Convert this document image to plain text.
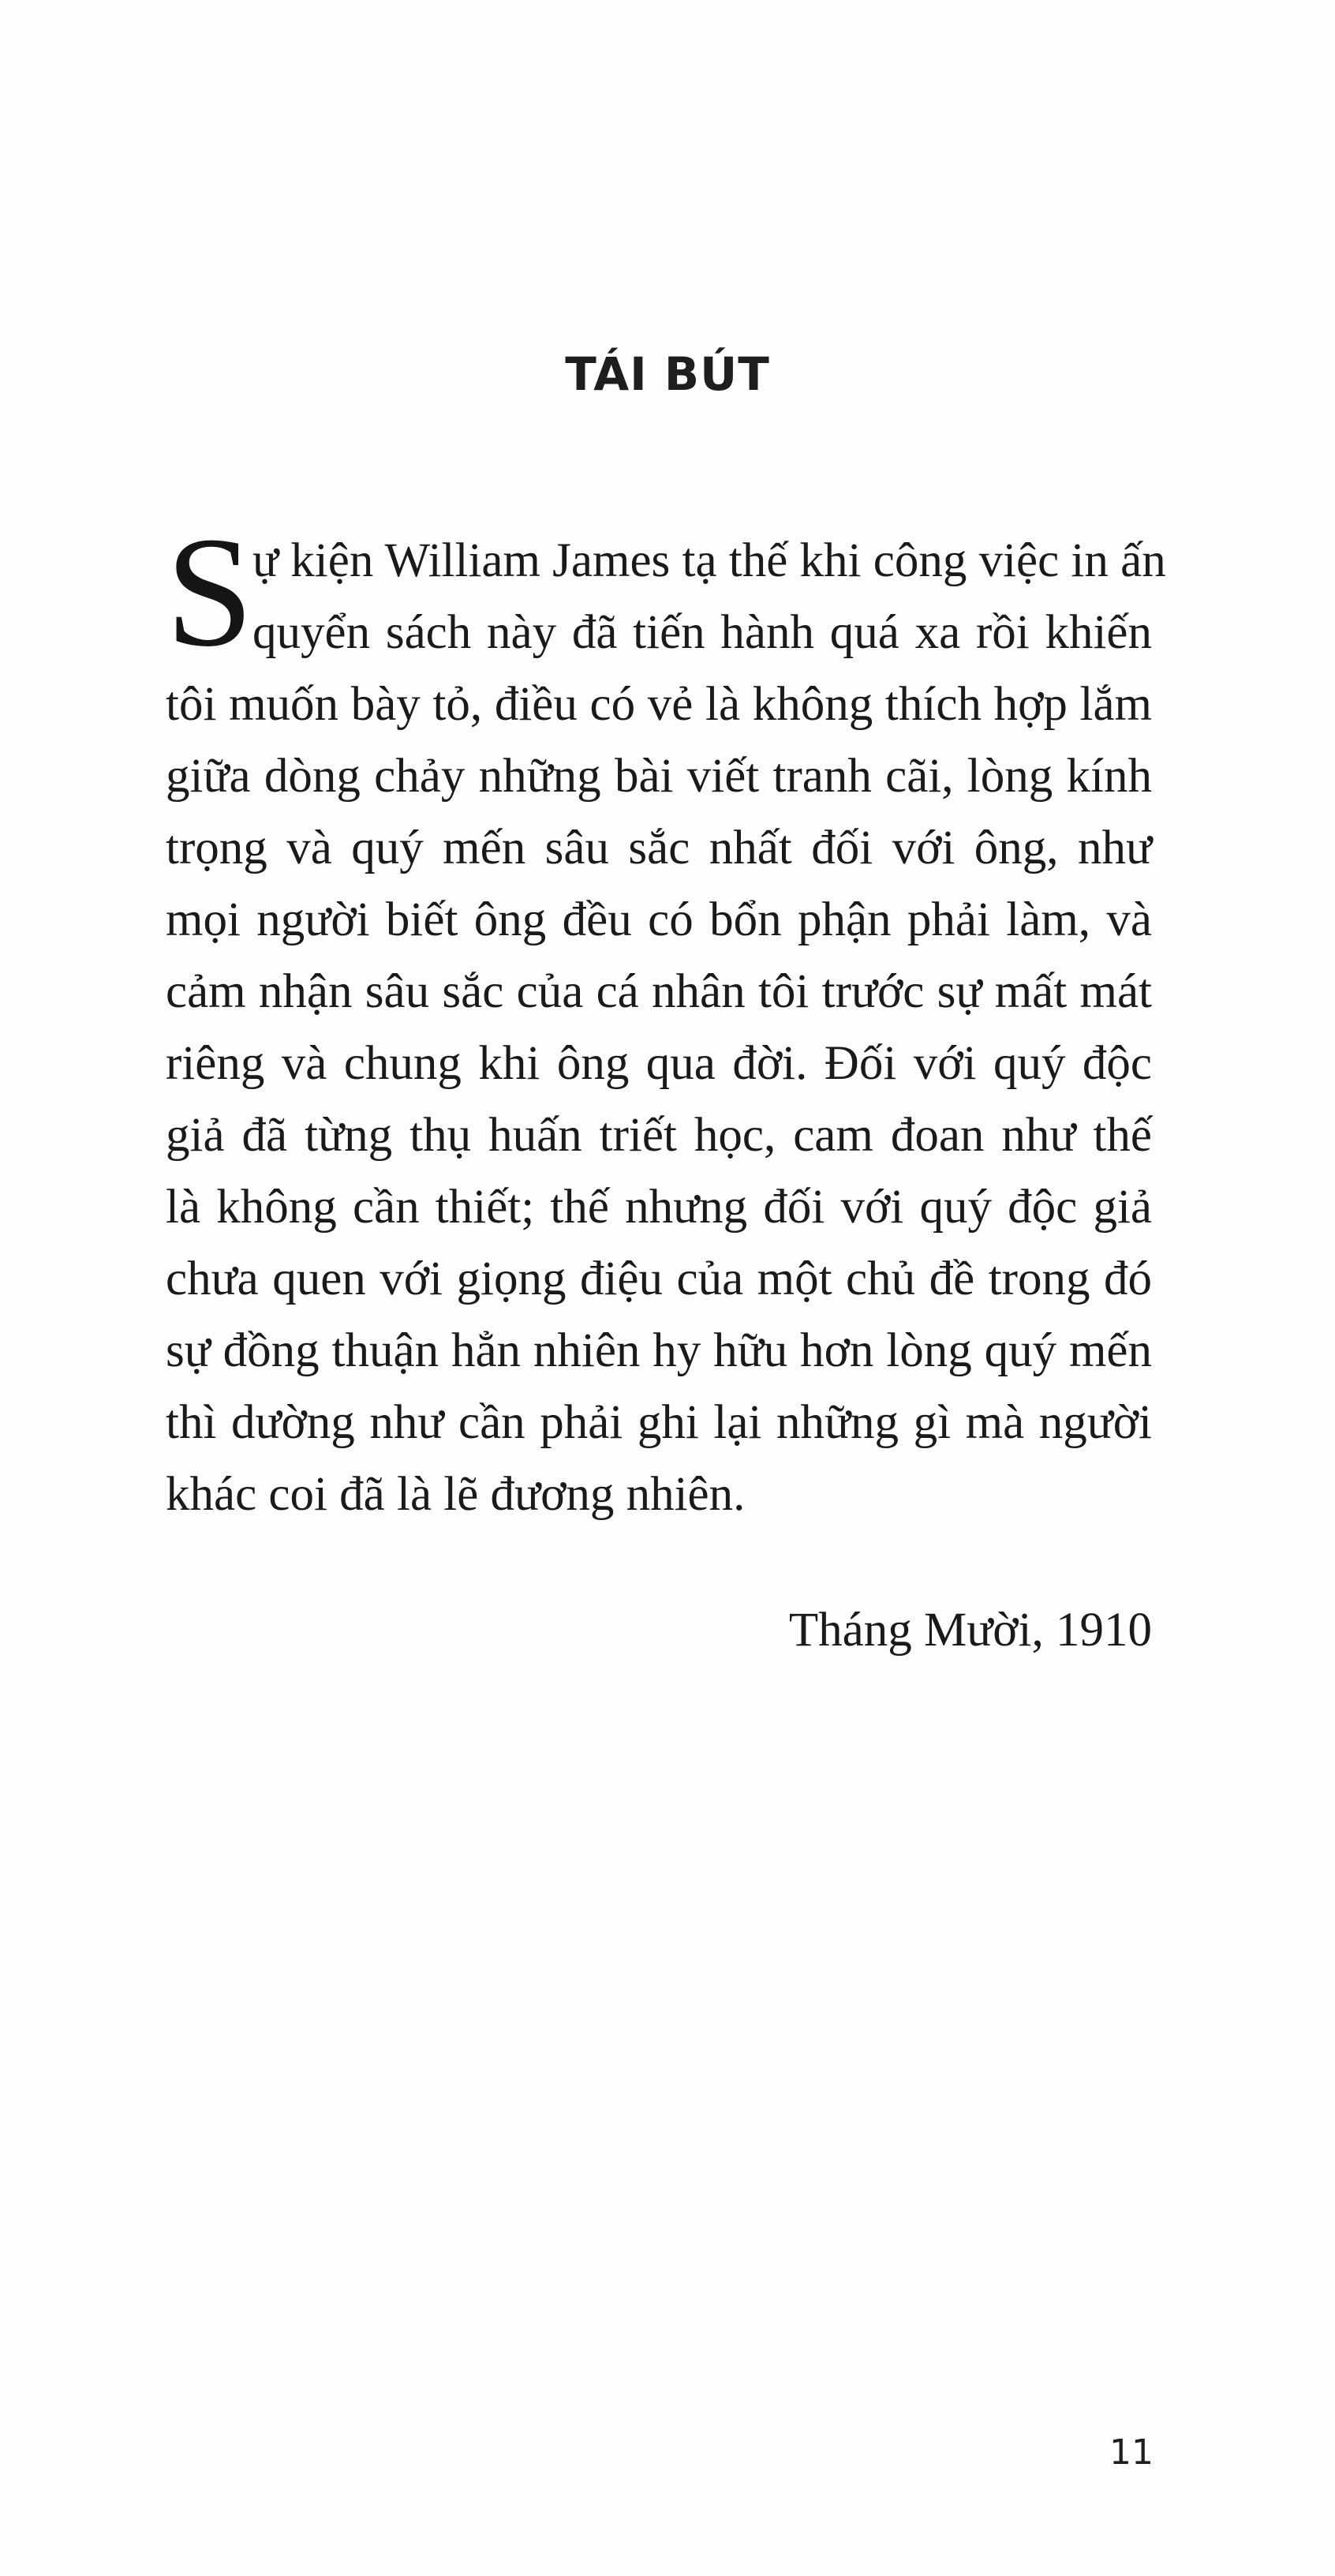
TÁI BÚT
S
ự kiện William James tạ thế khi công việc in ấn
quyển sách này đã tiến hành quá xa rồi khiến
tôi muốn bày tỏ, điều có vẻ là không thích hợp lắm
giữa dòng chảy những bài viết tranh cãi, lòng kính
trọng và quý mến sâu sắc nhất đối với ông, như
mọi người biết ông đều có bổn phận phải làm, và
cảm nhận sâu sắc của cá nhân tôi trước sự mất mát
riêng và chung khi ông qua đời. Đối với quý độc
giả đã từng thụ huấn triết học, cam đoan như thế
là không cần thiết; thế nhưng đối với quý độc giả
chưa quen với giọng điệu của một chủ đề trong đó
sự đồng thuận hẳn nhiên hy hữu hơn lòng quý mến
thì dường như cần phải ghi lại những gì mà người
khác coi đã là lẽ đương nhiên.
Tháng Mười, 1910
11
